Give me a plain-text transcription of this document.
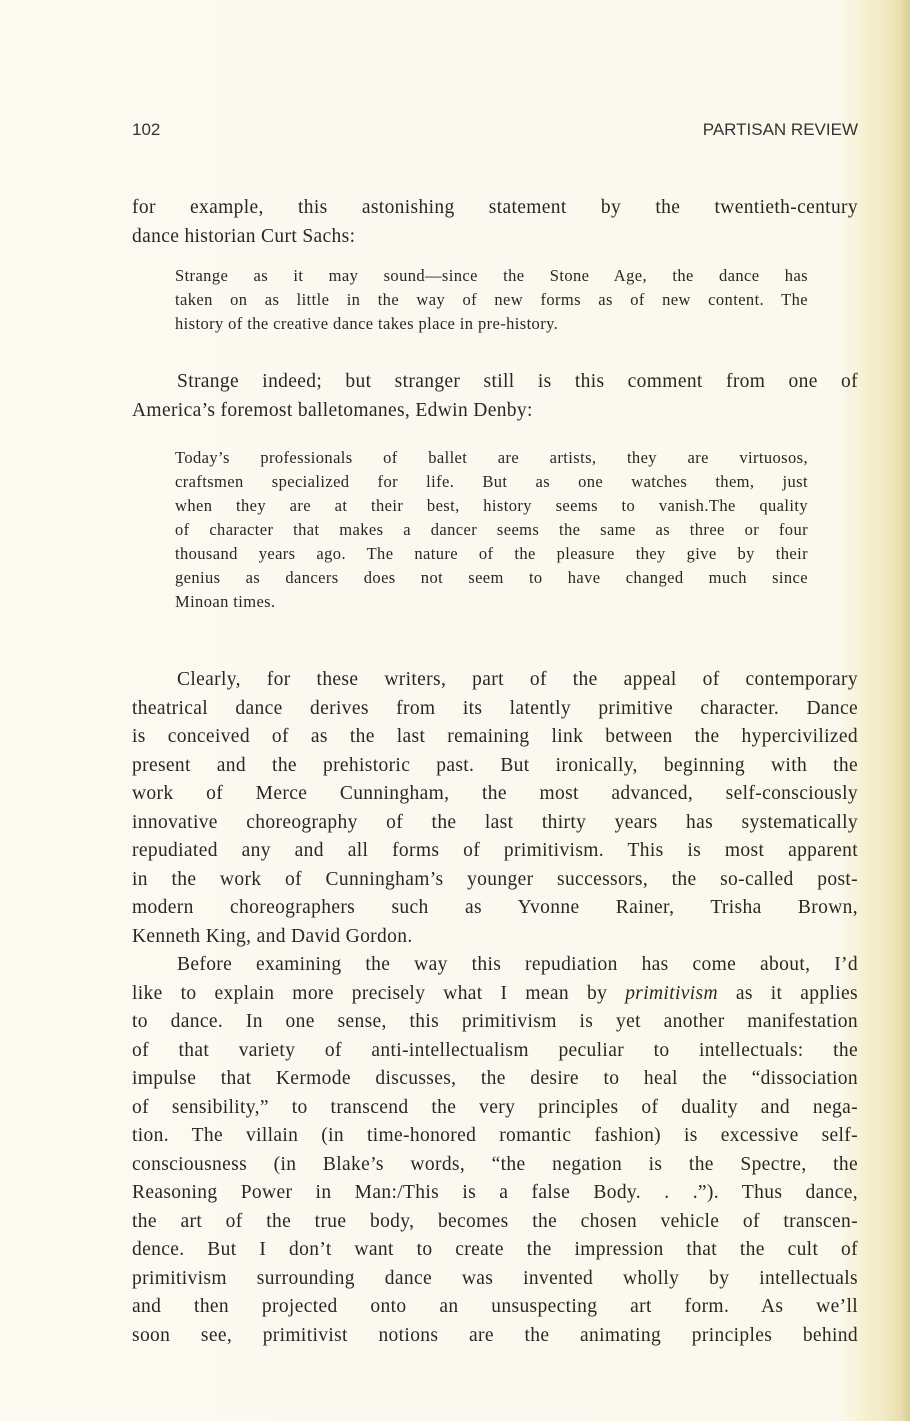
102	PARTISAN REVIEW
for example, this astonishing statement by the twentieth-century
dance historian Curt Sachs:
Strange as it may sound—since the Stone Age, the dance has
taken on as little in the way of new forms as of new content. The
history of the creative dance takes place in pre-history.
Strange indeed; but stranger still is this comment from one of
America’s foremost balletomanes, Edwin Denby:
Today’s professionals of ballet are artists, they are virtuosos,
craftsmen specialized for life. But as one watches them, just
when they are at their best, history seems to vanish.The quality
of character that makes a dancer seems the same as three or four
thousand years ago. The nature of the pleasure they give by their
genius as dancers does not seem to have changed much since
Minoan times.
Clearly, for these writers, part of the appeal of contemporary
theatrical dance derives from its latently primitive character. Dance
is conceived of as the last remaining link between the hypercivilized
present and the prehistoric past. But ironically, beginning with the
work of Merce Cunningham, the most advanced, self-consciously
innovative choreography of the last thirty years has systematically
repudiated any and all forms of primitivism. This is most apparent
in the work of Cunningham’s younger successors, the so-called post-
modern choreographers such as Yvonne Rainer, Trisha Brown,
Kenneth King, and David Gordon.
Before examining the way this repudiation has come about, I’d
like to explain more precisely what I mean by primitivism as it applies
to dance. In one sense, this primitivism is yet another manifestation
of that variety of anti-intellectualism peculiar to intellectuals: the
impulse that Kermode discusses, the desire to heal the “dissociation
of sensibility,” to transcend the very principles of duality and nega-
tion. The villain (in time-honored romantic fashion) is excessive self-
consciousness (in Blake’s words, “the negation is the Spectre, the
Reasoning Power in Man:/This is a false Body. . .”). Thus dance,
the art of the true body, becomes the chosen vehicle of transcen-
dence. But I don’t want to create the impression that the cult of
primitivism surrounding dance was invented wholly by intellectuals
and then projected onto an unsuspecting art form. As we’ll
soon see, primitivist notions are the animating principles behind
